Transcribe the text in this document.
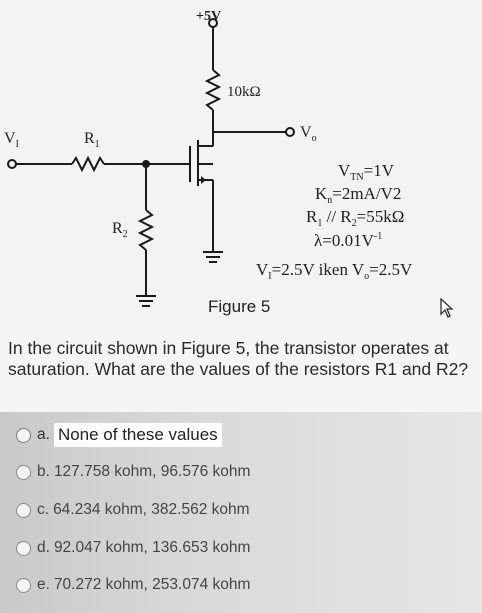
+5V
10kΩ
$V_I$	$R_1$
$R_2$
$V_o$
$V_{TN}=1V$
$K_n=2mA/V2$
$R_1 // R_2=55k\Omega$
$\lambda=0.01V^{-1}$
$V_I=2.5V$ iken $V_o=2.5V$
Figure 5
In the circuit shown in Figure 5, the transistor operates at saturation. What are the values of the resistors R1 and R2?
a. None of these values
b. 127.758 kohm, 96.576 kohm
c. 64.234 kohm, 382.562 kohm
d. 92.047 kohm, 136.653 kohm
e. 70.272 kohm, 253.074 kohm
